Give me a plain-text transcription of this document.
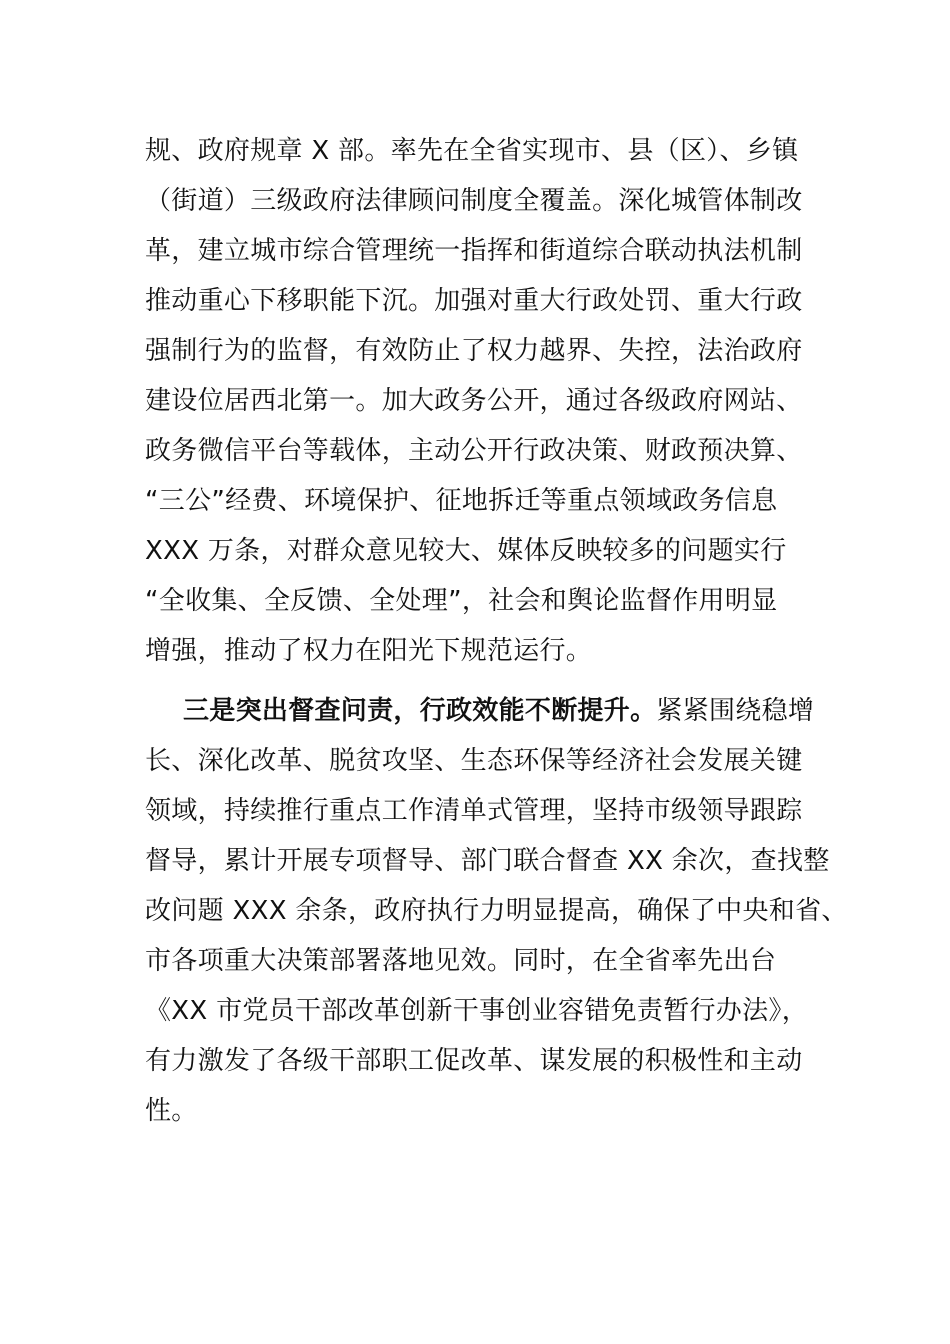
规、政府规章 X 部。率先在全省实现市、县（区）、乡镇
（街道）三级政府法律顾问制度全覆盖。深化城管体制改
革，建立城市综合管理统一指挥和街道综合联动执法机制
推动重心下移职能下沉。加强对重大行政处罚、重大行政
强制行为的监督，有效防止了权力越界、失控，法治政府
建设位居西北第一。加大政务公开，通过各级政府网站、
政务微信平台等载体，主动公开行政决策、财政预决算、
“三公”经费、环境保护、征地拆迁等重点领域政务信息
XXX 万条，对群众意见较大、媒体反映较多的问题实行
“全收集、全反馈、全处理”，社会和舆论监督作用明显
增强，推动了权力在阳光下规范运行。
三是突出督查问责，行政效能不断提升。紧紧围绕稳增
长、深化改革、脱贫攻坚、生态环保等经济社会发展关键
领域，持续推行重点工作清单式管理，坚持市级领导跟踪
督导，累计开展专项督导、部门联合督查 XX 余次，查找整
改问题 XXX 余条，政府执行力明显提高，确保了中央和省、
市各项重大决策部署落地见效。同时，在全省率先出台
《XX 市党员干部改革创新干事创业容错免责暂行办法》，
有力激发了各级干部职工促改革、谋发展的积极性和主动
性。
